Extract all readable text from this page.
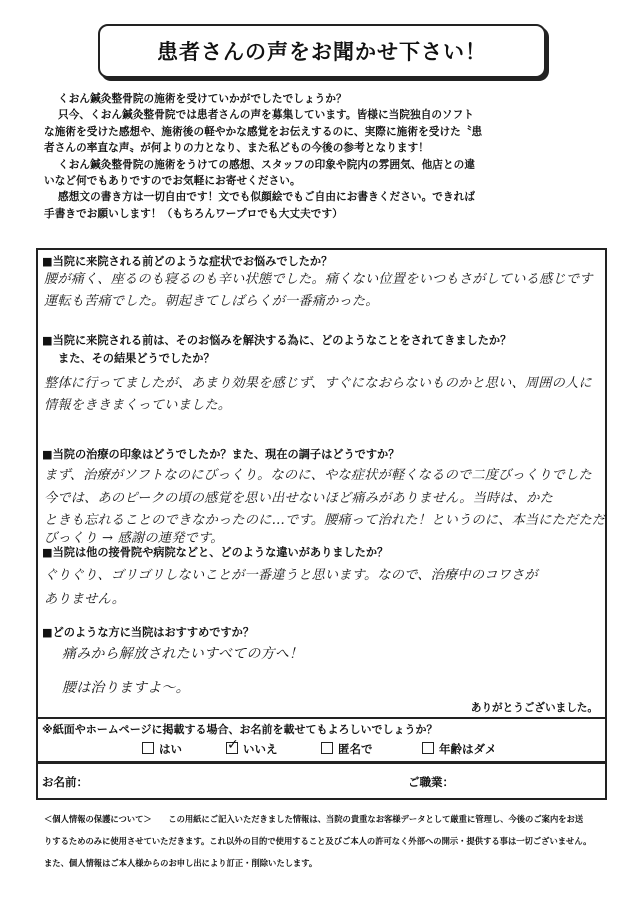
患者さんの声をお聞かせ下さい！

くおん鍼灸整骨院の施術を受けていかがでしたでしょうか？

只今、くおん鍼灸整骨院では患者さんの声を募集しています。皆様に当院独自のソフト

な施術を受けた感想や、施術後の軽やかな感覚をお伝えするのに、実際に施術を受けた〝患

者さんの率直な声〟が何よりの力となり、また私どもの今後の参考となります！

くおん鍼灸整骨院の施術をうけての感想、スタッフの印象や院内の雰囲気、他店との違

いなど何でもありですのでお気軽にお寄せください。

感想文の書き方は一切自由です！文でも似顔絵でもご自由にお書きください。できれば

手書きでお願いします！（もちろんワープロでも大丈夫です）

■当院に来院される前どのような症状でお悩みでしたか？
腰が痛く、座るのも寝るのも辛い状態でした。痛くない位置をいつもさがしている感じです
運転も苦痛でした。朝起きてしばらくが一番痛かった。
■当院に来院される前は、そのお悩みを解決する為に、どのようなことをされてきましたか？
また、その結果どうでしたか？
整体に行ってましたが、あまり効果を感じず、すぐになおらないものかと思い、周囲の人に
情報をききまくっていました。
■当院の治療の印象はどうでしたか？また、現在の調子はどうですか？
まず、治療がソフトなのにびっくり。なのに、やな症状が軽くなるので二度びっくりでした
今では、あのピークの頃の感覚を思い出せないほど痛みがありません。当時は、かた
ときも忘れることのできなかったのに…です。腰痛って治れた！というのに、本当にただただ
びっくり → 感謝の連発です。
■当院は他の接骨院や病院などと、どのような違いがありましたか？
ぐりぐり、ゴリゴリしないことが一番違うと思います。なので、治療中のコワさが
ありません。
■どのような方に当院はおすすめですか？
痛みから解放されたいすべての方へ！
腰は治りますよ〜。
ありがとうございました。
※紙面やホームページに掲載する場合、お名前を載せてもよろしいでしょうか？
はい
✓	いいえ	匿名で	年齢はダメ
お名前：	ご職業：

＜個人情報の保護について＞　　この用紙にご記入いただきました情報は、当院の貴重なお客様データとして厳重に管理し、今後のご案内をお送

りするためのみに使用させていただきます。これ以外の目的で使用すること及びご本人の許可なく外部への開示・提供する事は一切ございません。

また、個人情報はご本人様からのお申し出により訂正・削除いたします。
